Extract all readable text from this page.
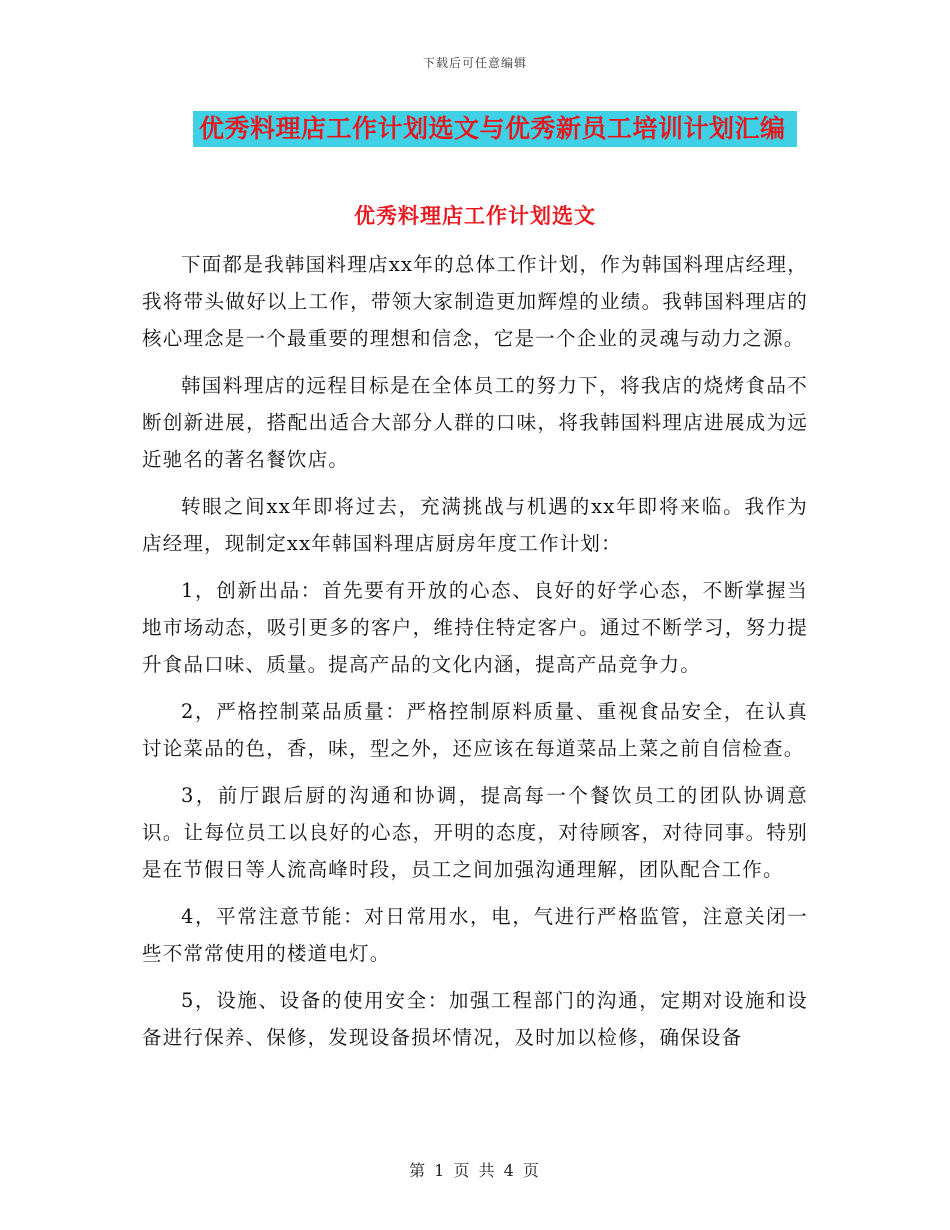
下载后可任意编辑
优秀料理店工作计划选文与优秀新员工培训计划汇编
优秀料理店工作计划选文

下面都是我韩国料理店xx年的总体工作计划，作为韩国料理店经理，我将带头做好以上工作，带领大家制造更加辉煌的业绩。我韩国料理店的核心理念是一个最重要的理想和信念，它是一个企业的灵魂与动力之源。

韩国料理店的远程目标是在全体员工的努力下，将我店的烧烤食品不断创新进展，搭配出适合大部分人群的口味，将我韩国料理店进展成为远近驰名的著名餐饮店。

转眼之间xx年即将过去，充满挑战与机遇的xx年即将来临。我作为店经理，现制定xx年韩国料理店厨房年度工作计划：

1，创新出品：首先要有开放的心态、良好的好学心态，不断掌握当地市场动态，吸引更多的客户，维持住特定客户。通过不断学习，努力提升食品口味、质量。提高产品的文化内涵，提高产品竞争力。

2，严格控制菜品质量：严格控制原料质量、重视食品安全，在认真讨论菜品的色，香，味，型之外，还应该在每道菜品上菜之前自信检查。

3，前厅跟后厨的沟通和协调，提高每一个餐饮员工的团队协调意识。让每位员工以良好的心态，开明的态度，对待顾客，对待同事。特别是在节假日等人流高峰时段，员工之间加强沟通理解，团队配合工作。

4，平常注意节能：对日常用水，电，气进行严格监管，注意关闭一些不常常使用的楼道电灯。

5，设施、设备的使用安全：加强工程部门的沟通，定期对设施和设备进行保养、保修，发现设备损坏情况，及时加以检修，确保设备

第 1 页 共 4 页
